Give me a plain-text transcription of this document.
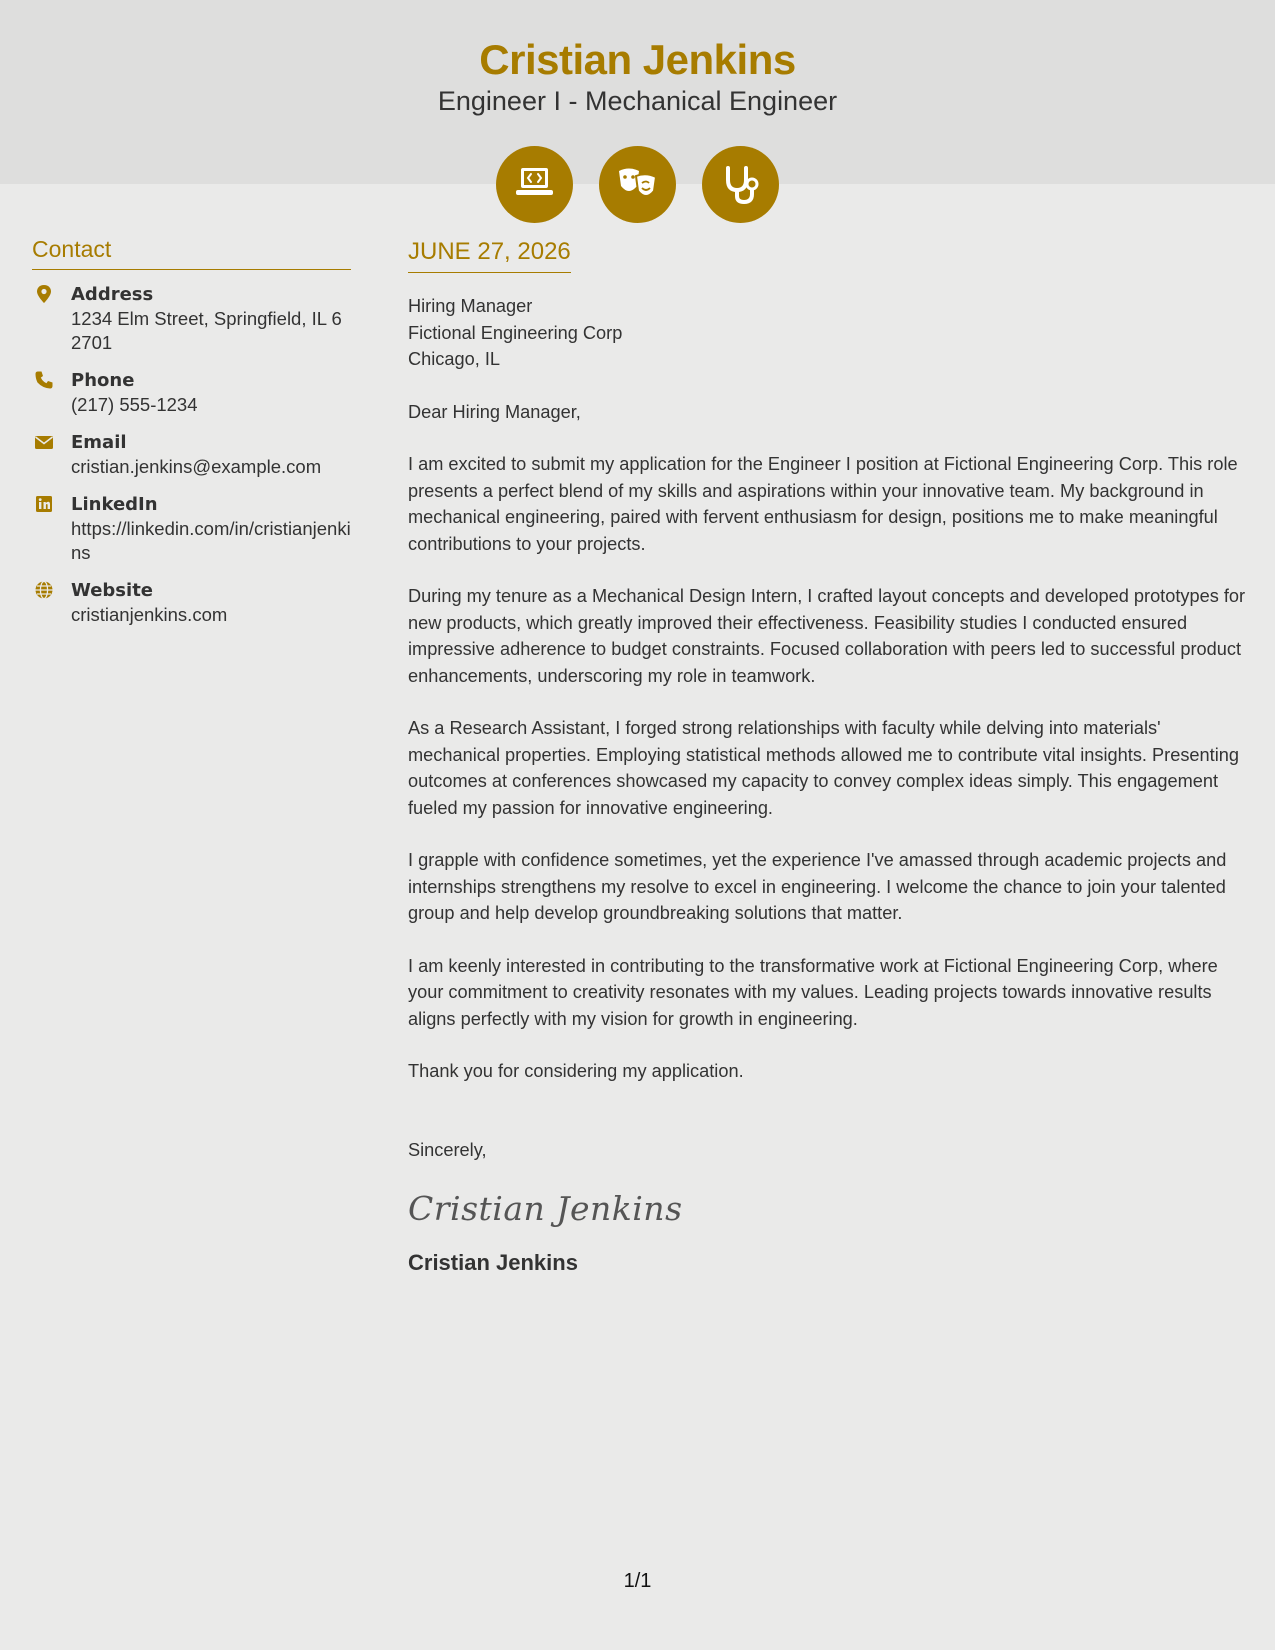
Cristian Jenkins
Engineer I - Mechanical Engineer
Contact
Address
1234 Elm Street, Springfield, IL 62701
Phone
(217) 555-1234
Email
cristian.jenkins@example.com
LinkedIn
https://linkedin.com/in/cristianjenkins
Website
cristianjenkins.com
JUNE 27, 2026
Hiring Manager
Fictional Engineering Corp
Chicago, IL
Dear Hiring Manager,
I am excited to submit my application for the Engineer I position at Fictional Engineering Corp. This role presents a perfect blend of my skills and aspirations within your innovative team. My background in mechanical engineering, paired with fervent enthusiasm for design, positions me to make meaningful contributions to your projects.
During my tenure as a Mechanical Design Intern, I crafted layout concepts and developed prototypes for new products, which greatly improved their effectiveness. Feasibility studies I conducted ensured impressive adherence to budget constraints. Focused collaboration with peers led to successful product enhancements, underscoring my role in teamwork.
As a Research Assistant, I forged strong relationships with faculty while delving into materials' mechanical properties. Employing statistical methods allowed me to contribute vital insights. Presenting outcomes at conferences showcased my capacity to convey complex ideas simply. This engagement fueled my passion for innovative engineering.
I grapple with confidence sometimes, yet the experience I've amassed through academic projects and internships strengthens my resolve to excel in engineering. I welcome the chance to join your talented group and help develop groundbreaking solutions that matter.
I am keenly interested in contributing to the transformative work at Fictional Engineering Corp, where your commitment to creativity resonates with my values. Leading projects towards innovative results aligns perfectly with my vision for growth in engineering.
Thank you for considering my application.
Sincerely,
Cristian Jenkins
Cristian Jenkins
1/1
